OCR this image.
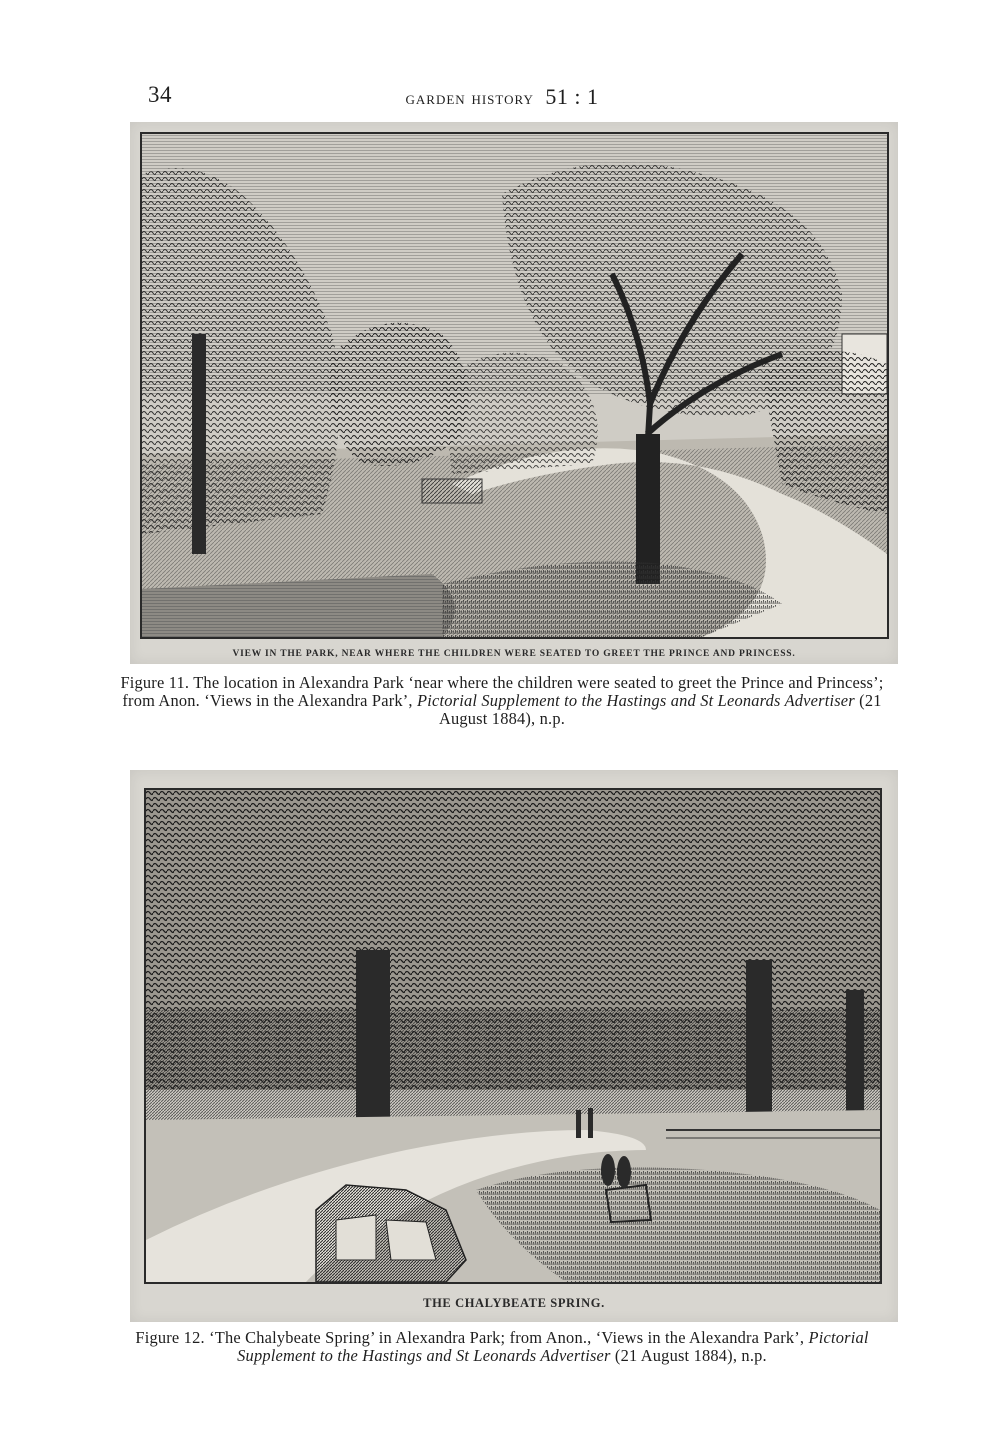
34	garden history 51 : 1
VIEW IN THE PARK, NEAR WHERE THE CHILDREN WERE SEATED TO GREET THE PRINCE AND PRINCESS.
Figure 11. The location in Alexandra Park ‘near where the children were seated to greet the Prince and Princess’; from Anon. ‘Views in the Alexandra Park’, Pictorial Supplement to the Hastings and St Leonards Advertiser (21 August 1884), n.p.
THE CHALYBEATE SPRING.
Figure 12. ‘The Chalybeate Spring’ in Alexandra Park; from Anon., ‘Views in the Alexandra Park’, Pictorial Supplement to the Hastings and St Leonards Advertiser (21 August 1884), n.p.
